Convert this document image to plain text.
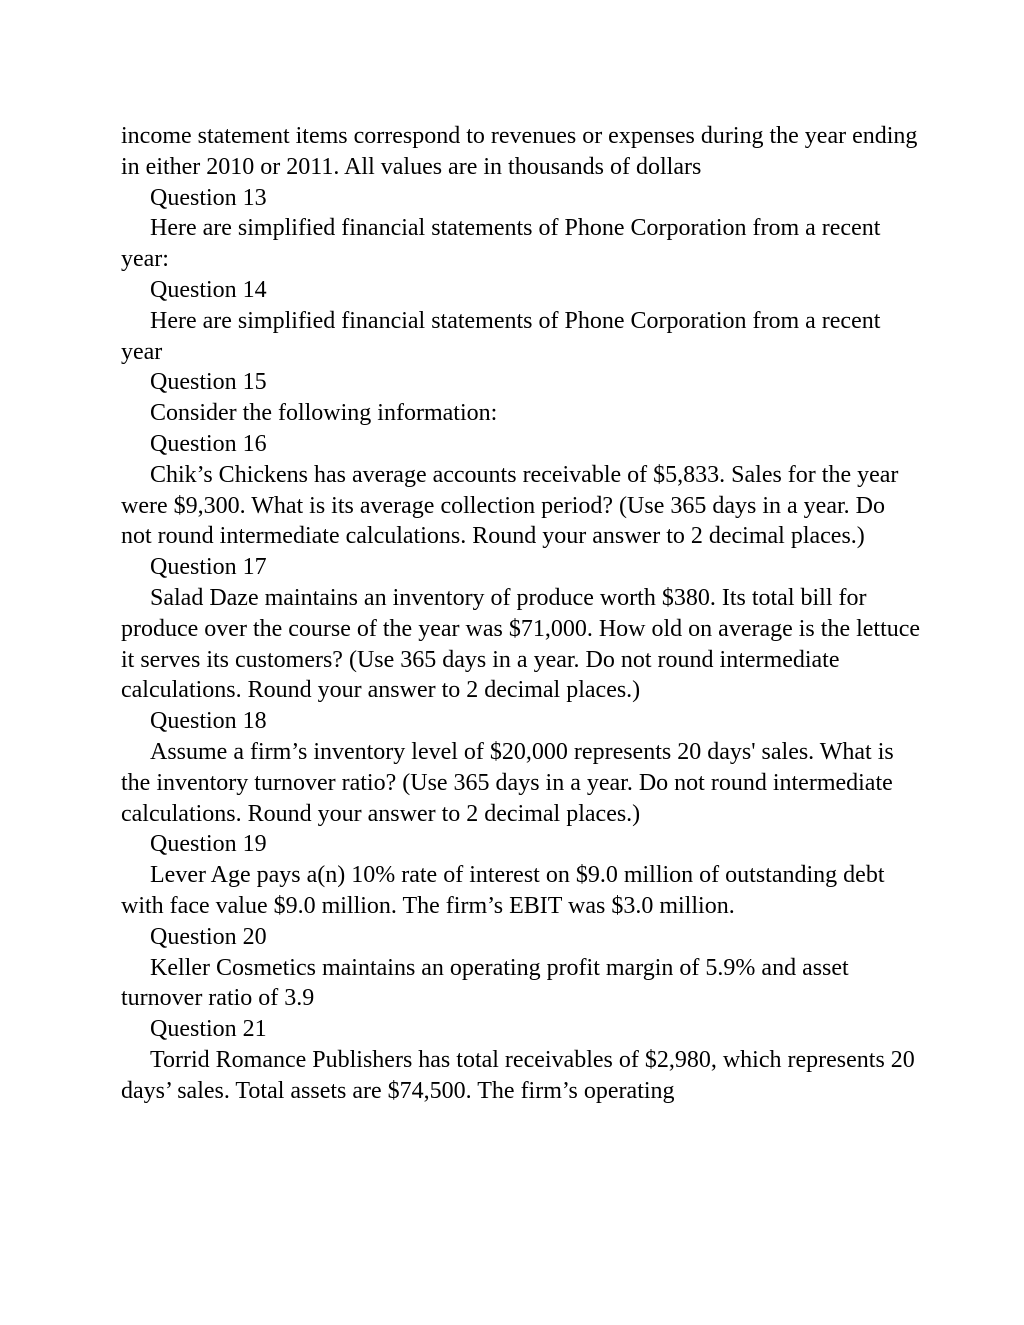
income statement items correspond to revenues or expenses during the year ending in either 2010 or 2011. All values are in thousands of dollars

Question 13

Here are simplified financial statements of Phone Corporation from a recent year:

Question 14

Here are simplified financial statements of Phone Corporation from a recent year

Question 15

Consider the following information:

Question 16

Chik’s Chickens has average accounts receivable of $5,833. Sales for the year were $9,300. What is its average collection period? (Use 365 days in a year. Do not round intermediate calculations. Round your answer to 2 decimal places.)

Question 17

Salad Daze maintains an inventory of produce worth $380. Its total bill for produce over the course of the year was $71,000. How old on average is the lettuce it serves its customers? (Use 365 days in a year. Do not round intermediate calculations. Round your answer to 2 decimal places.)

Question 18

Assume a firm’s inventory level of $20,000 represents 20 days' sales. What is the inventory turnover ratio? (Use 365 days in a year. Do not round intermediate calculations. Round your answer to 2 decimal places.)

Question 19

Lever Age pays a(n) 10% rate of interest on $9.0 million of outstanding debt with face value $9.0 million. The firm’s EBIT was $3.0 million.

Question 20

Keller Cosmetics maintains an operating profit margin of 5.9% and asset turnover ratio of 3.9

Question 21

Torrid Romance Publishers has total receivables of $2,980, which represents 20 days’ sales. Total assets are $74,500. The firm’s operating
